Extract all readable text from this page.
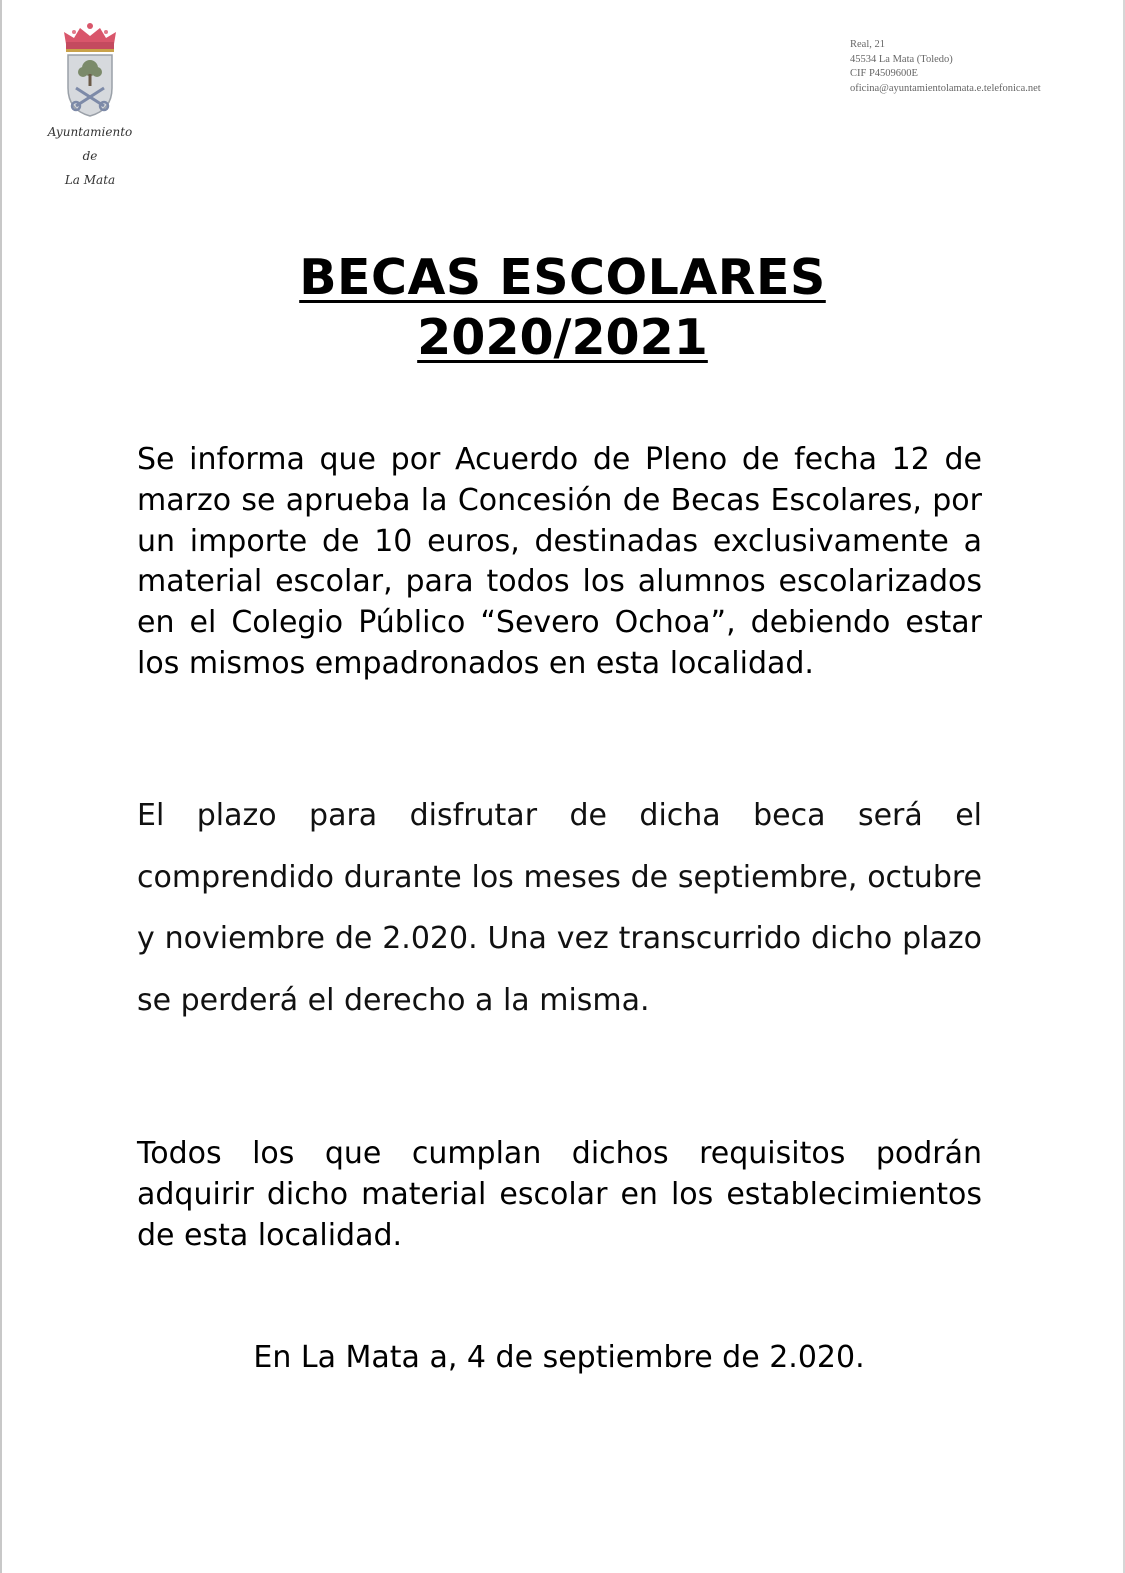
Ayuntamiento
de
La Mata
Real, 21
45534 La Mata (Toledo)
CIF P4509600E
oficina@ayuntamientolamata.e.telefonica.net
BECAS ESCOLARES
2020/2021
Se informa que por Acuerdo de Pleno de fecha 12 de marzo se aprueba la Concesión de Becas Escolares, por un importe de 10 euros, destinadas exclusivamente a material escolar, para todos los alumnos escolarizados en el Colegio Público “Severo Ochoa”, debiendo estar los mismos empadronados en esta localidad.
El plazo para disfrutar de dicha beca será el comprendido durante los meses de septiembre, octubre y noviembre de 2.020. Una vez transcurrido dicho plazo se perderá el derecho a la misma.
Todos los que cumplan dichos requisitos podrán adquirir dicho material escolar en los establecimientos de esta localidad.
En La Mata a, 4 de septiembre de 2.020.
